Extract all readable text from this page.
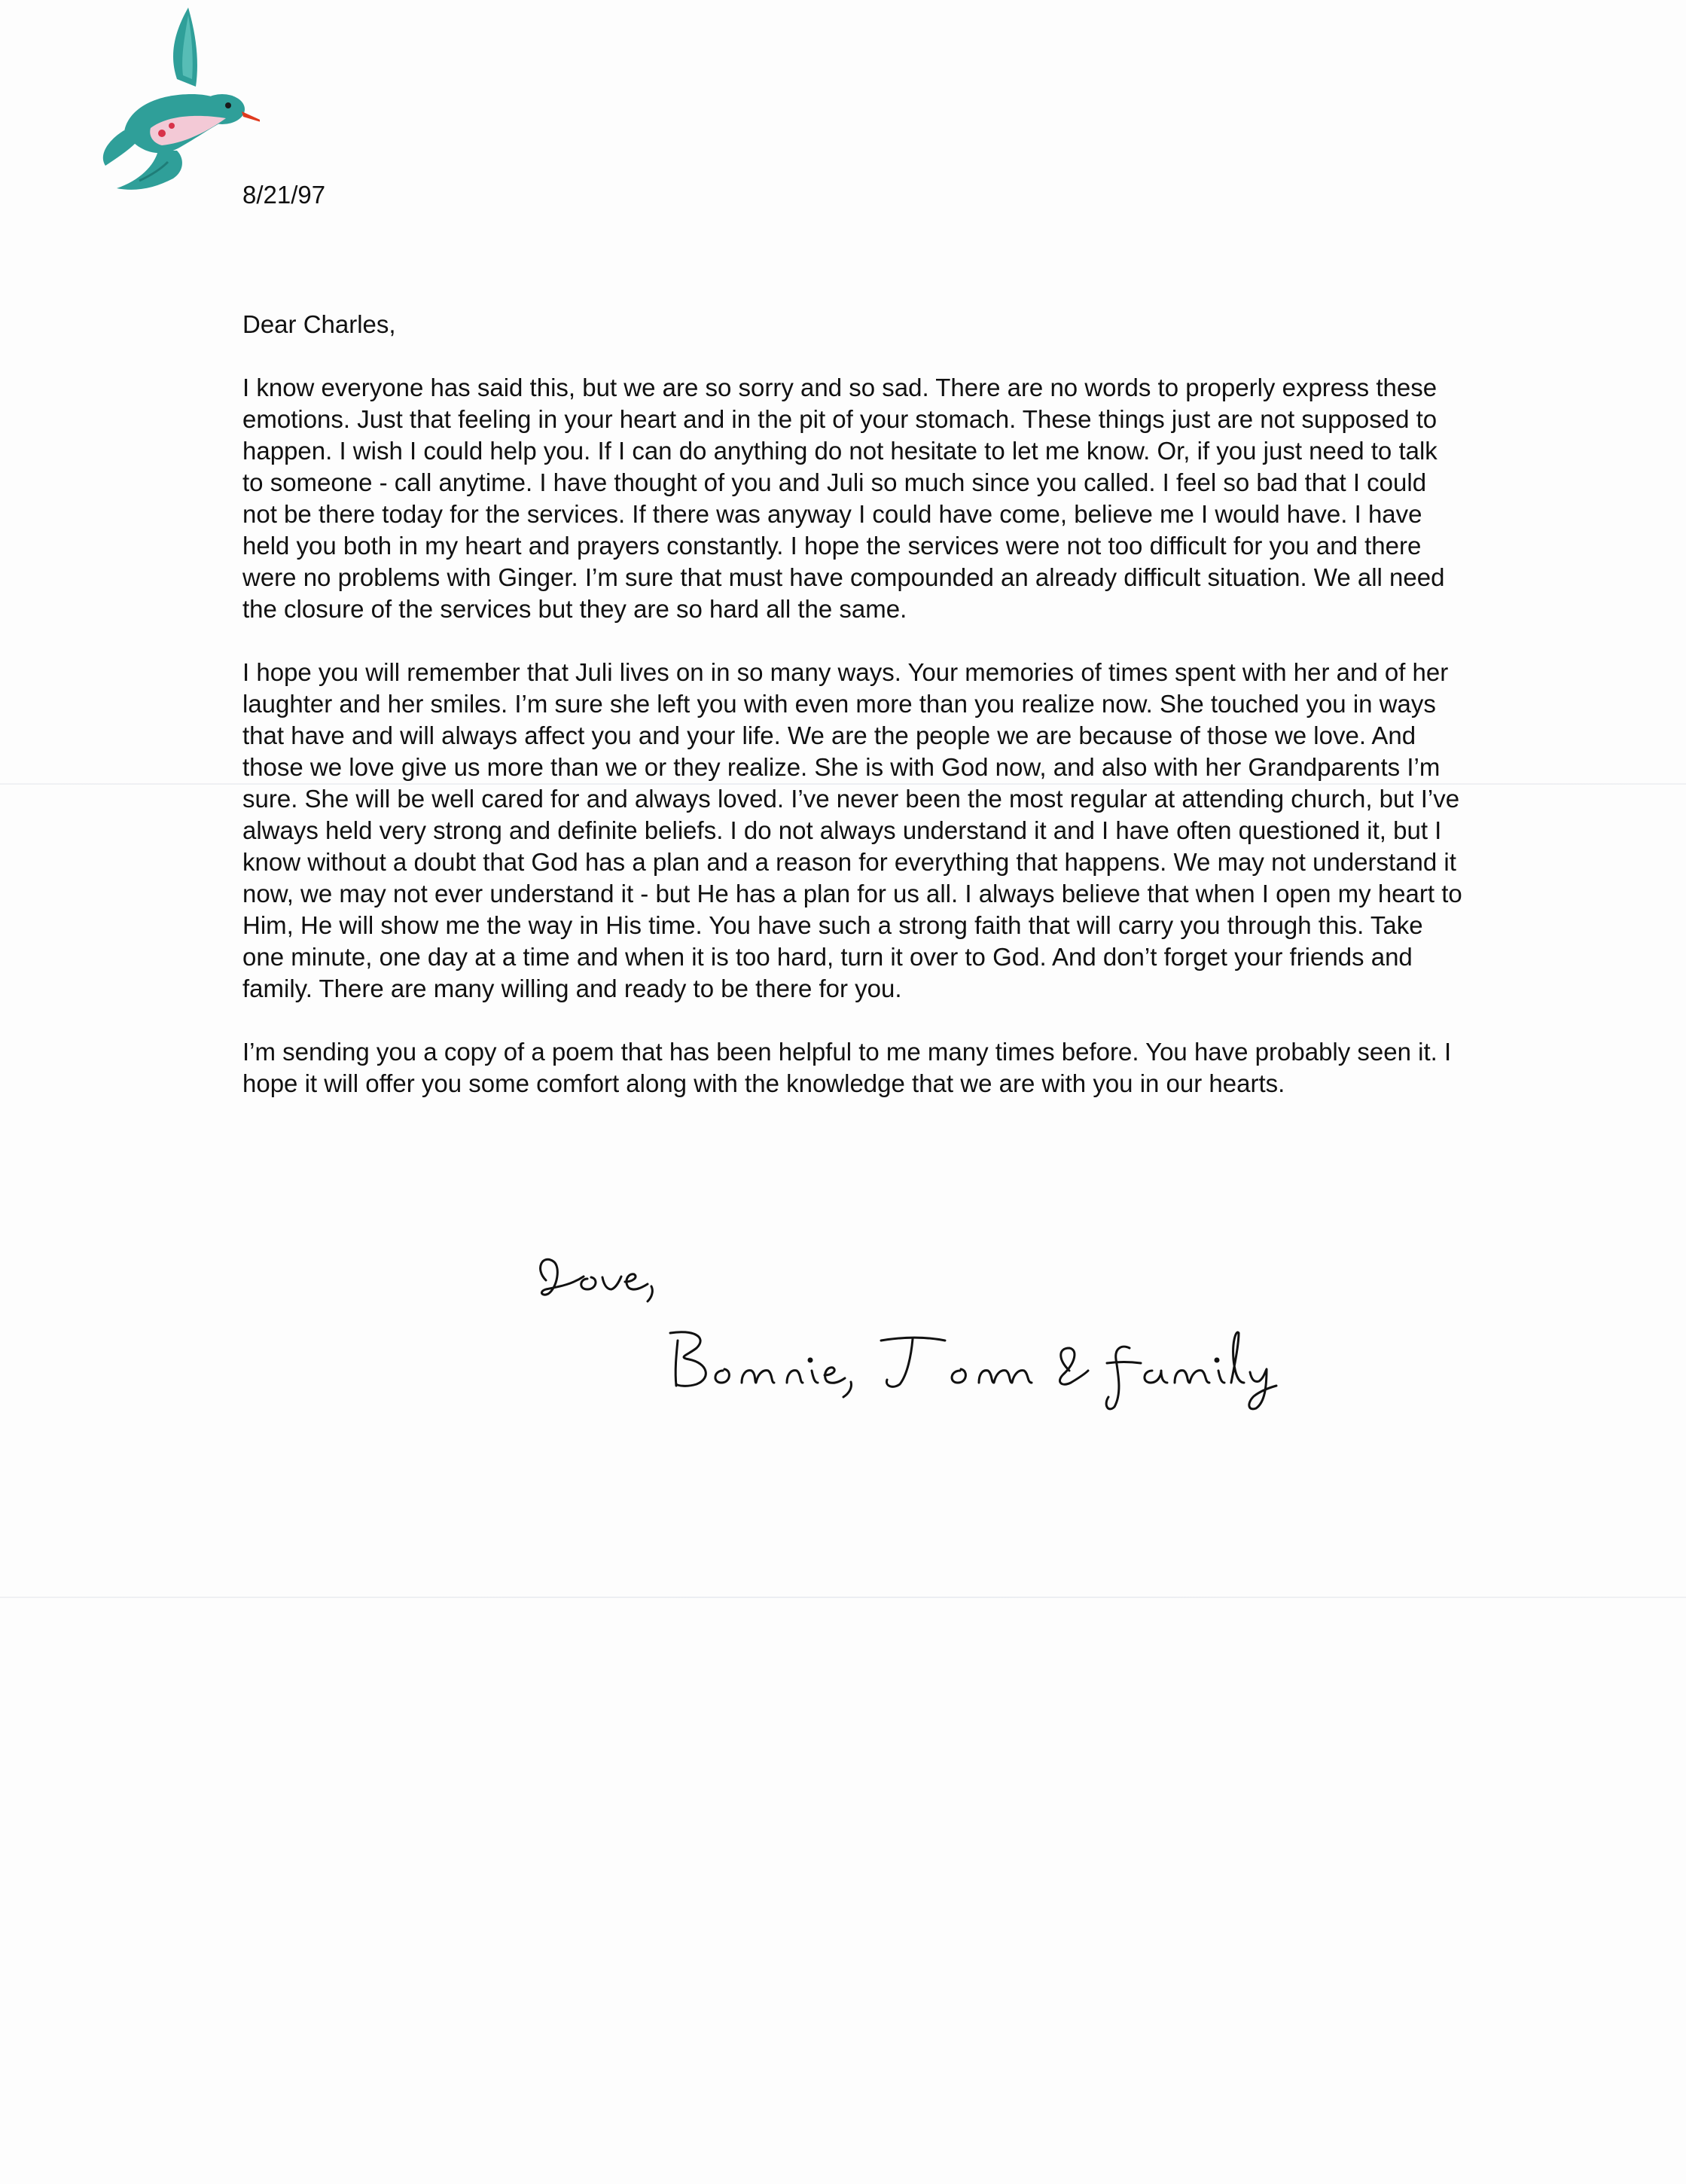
8/21/97
Dear Charles,

I know everyone has said this, but we are so sorry and so sad. There are no words to properly express these emotions. Just that feeling in your heart and in the pit of your stomach. These things just are not supposed to happen. I wish I could help you. If I can do anything do not hesitate to let me know. Or, if you just need to talk to someone - call anytime. I have thought of you and Juli so much since you called. I feel so bad that I could not be there today for the services. If there was anyway I could have come, believe me I would have. I have held you both in my heart and prayers constantly. I hope the services were not too difficult for you and there were no problems with Ginger. I’m sure that must have compounded an already difficult situation. We all need the closure of the services but they are so hard all the same.

I hope you will remember that Juli lives on in so many ways. Your memories of times spent with her and of her laughter and her smiles. I’m sure she left you with even more than you realize now. She touched you in ways that have and will always affect you and your life. We are the people we are because of those we love. And those we love give us more than we or they realize. She is with God now, and also with her Grandparents I’m sure. She will be well cared for and always loved. I’ve never been the most regular at attending church, but I’ve always held very strong and definite beliefs. I do not always understand it and I have often questioned it, but I know without a doubt that God has a plan and a reason for everything that happens. We may not understand it now, we may not ever understand it - but He has a plan for us all. I always believe that when I open my heart to Him, He will show me the way in His time. You have such a strong faith that will carry you through this. Take one minute, one day at a time and when it is too hard, turn it over to God. And don’t forget your friends and family. There are many willing and ready to be there for you.

I’m sending you a copy of a poem that has been helpful to me many times before. You have probably seen it. I hope it will offer you some comfort along with the knowledge that we are with you in our hearts.
